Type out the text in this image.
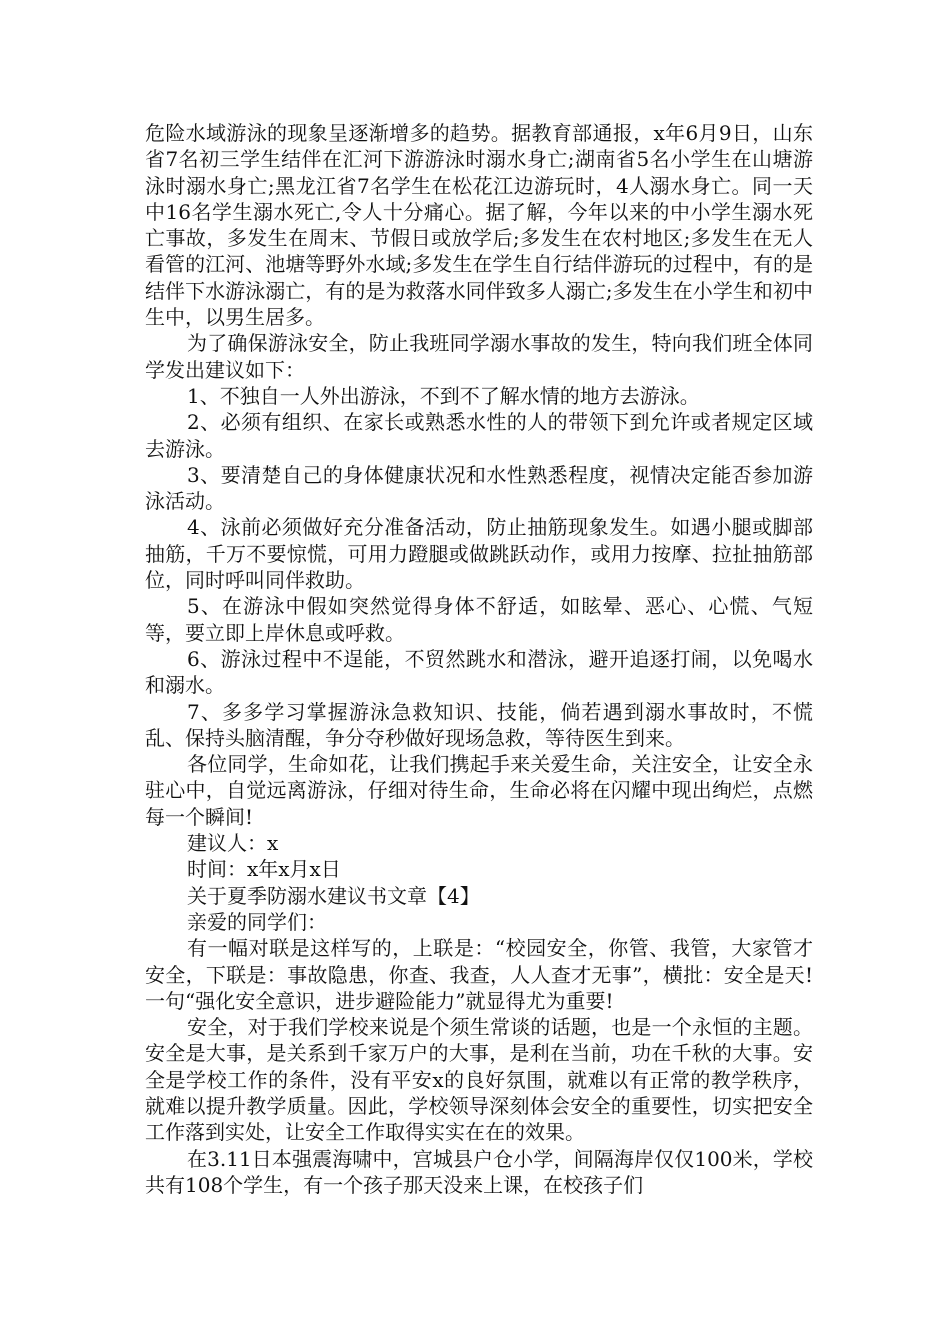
危险水域游泳的现象呈逐渐增多的趋势。据教育部通报，x年6月9日，山东省7名初三学生结伴在汇河下游游泳时溺水身亡;湖南省5名小学生在山塘游泳时溺水身亡;黑龙江省7名学生在松花江边游玩时，4人溺水身亡。同一天中16名学生溺水死亡,令人十分痛心。据了解，今年以来的中小学生溺水死亡事故，多发生在周末、节假日或放学后;多发生在农村地区;多发生在无人看管的江河、池塘等野外水域;多发生在学生自行结伴游玩的过程中，有的是结伴下水游泳溺亡，有的是为救落水同伴致多人溺亡;多发生在小学生和初中生中，以男生居多。

为了确保游泳安全，防止我班同学溺水事故的发生，特向我们班全体同学发出建议如下：

1、不独自一人外出游泳，不到不了解水情的地方去游泳。

2、必须有组织、在家长或熟悉水性的人的带领下到允许或者规定区域去游泳。

3、要清楚自己的身体健康状况和水性熟悉程度，视情决定能否参加游泳活动。

4、泳前必须做好充分准备活动，防止抽筋现象发生。如遇小腿或脚部抽筋，千万不要惊慌，可用力蹬腿或做跳跃动作，或用力按摩、拉扯抽筋部位，同时呼叫同伴救助。

5、在游泳中假如突然觉得身体不舒适，如眩晕、恶心、心慌、气短等，要立即上岸休息或呼救。

6、游泳过程中不逞能，不贸然跳水和潜泳，避开追逐打闹，以免喝水和溺水。

7、多多学习掌握游泳急救知识、技能，倘若遇到溺水事故时，不慌乱、保持头脑清醒，争分夺秒做好现场急救，等待医生到来。

各位同学，生命如花，让我们携起手来关爱生命，关注安全，让安全永驻心中，自觉远离游泳，仔细对待生命，生命必将在闪耀中现出绚烂，点燃每一个瞬间!

建议人：x

时间：x年x月x日

关于夏季防溺水建议书文章【4】

亲爱的同学们：

有一幅对联是这样写的，上联是：“校园安全，你管、我管，大家管才安全，下联是：事故隐患，你查、我查，人人查才无事”，横批：安全是天!一句“强化安全意识，进步避险能力”就显得尤为重要!

安全，对于我们学校来说是个须生常谈的话题，也是一个永恒的主题。安全是大事，是关系到千家万户的大事，是利在当前，功在千秋的大事。安全是学校工作的条件，没有平安x的良好氛围，就难以有正常的教学秩序，就难以提升教学质量。因此，学校领导深刻体会安全的重要性，切实把安全工作落到实处，让安全工作取得实实在在的效果。

在3.11日本强震海啸中，宫城县户仓小学，间隔海岸仅仅100米，学校共有108个学生，有一个孩子那天没来上课，在校孩子们
